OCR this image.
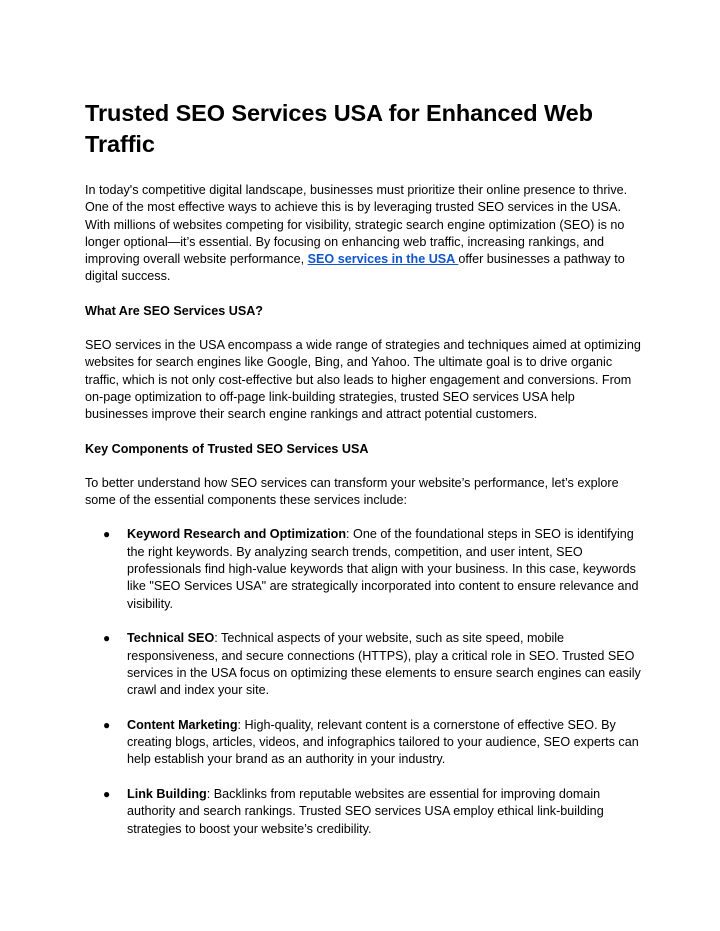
Trusted SEO Services USA for Enhanced Web Traffic

In today's competitive digital landscape, businesses must prioritize their online presence to thrive. One of the most effective ways to achieve this is by leveraging trusted SEO services in the USA. With millions of websites competing for visibility, strategic search engine optimization (SEO) is no longer optional—it’s essential. By focusing on enhancing web traffic, increasing rankings, and improving overall website performance, SEO services in the USA offer businesses a pathway to digital success.

What Are SEO Services USA?

SEO services in the USA encompass a wide range of strategies and techniques aimed at optimizing websites for search engines like Google, Bing, and Yahoo. The ultimate goal is to drive organic traffic, which is not only cost-effective but also leads to higher engagement and conversions. From on-page optimization to off-page link-building strategies, trusted SEO services USA help businesses improve their search engine rankings and attract potential customers.

Key Components of Trusted SEO Services USA

To better understand how SEO services can transform your website’s performance, let’s explore some of the essential components these services include:

● Keyword Research and Optimization: One of the foundational steps in SEO is identifying the right keywords. By analyzing search trends, competition, and user intent, SEO professionals find high-value keywords that align with your business. In this case, keywords like "SEO Services USA" are strategically incorporated into content to ensure relevance and visibility.
● Technical SEO: Technical aspects of your website, such as site speed, mobile responsiveness, and secure connections (HTTPS), play a critical role in SEO. Trusted SEO services in the USA focus on optimizing these elements to ensure search engines can easily crawl and index your site.
● Content Marketing: High-quality, relevant content is a cornerstone of effective SEO. By creating blogs, articles, videos, and infographics tailored to your audience, SEO experts can help establish your brand as an authority in your industry.
● Link Building: Backlinks from reputable websites are essential for improving domain authority and search rankings. Trusted SEO services USA employ ethical link-building strategies to boost your website’s credibility.
